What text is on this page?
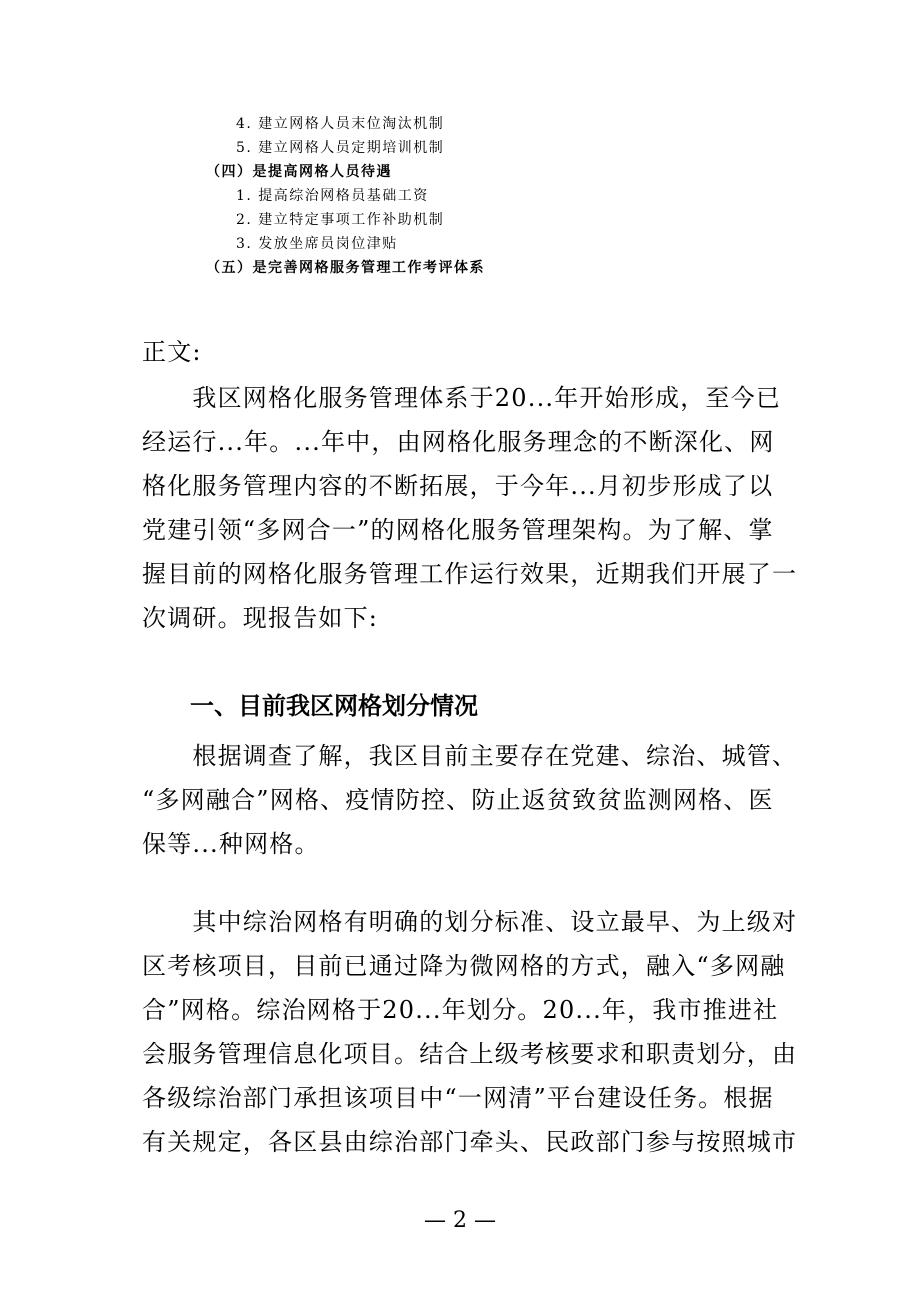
4. 建立网格人员末位淘汰机制

5. 建立网格人员定期培训机制

（四）是提高网格人员待遇

1. 提高综治网格员基础工资

2. 建立特定事项工作补助机制

3. 发放坐席员岗位津贴

（五）是完善网格服务管理工作考评体系

正文:

　　我区网格化服务管理体系于20...年开始形成，至今已
经运行...年。...年中，由网格化服务理念的不断深化、网
格化服务管理内容的不断拓展，于今年...月初步形成了以
党建引领“多网合一”的网格化服务管理架构。为了解、掌
握目前的网格化服务管理工作运行效果，近期我们开展了一
次调研。现报告如下:

一、目前我区网格划分情况

　　根据调查了解，我区目前主要存在党建、综治、城管、
“多网融合”网格、疫情防控、防止返贫致贫监测网格、医
保等...种网格。

　　其中综治网格有明确的划分标准、设立最早、为上级对
区考核项目，目前已通过降为微网格的方式，融入“多网融
合”网格。综治网格于20...年划分。20...年，我市推进社
会服务管理信息化项目。结合上级考核要求和职责划分，由
各级综治部门承担该项目中“一网清”平台建设任务。根据
有关规定，各区县由综治部门牵头、民政部门参与按照城市

— 2 —
